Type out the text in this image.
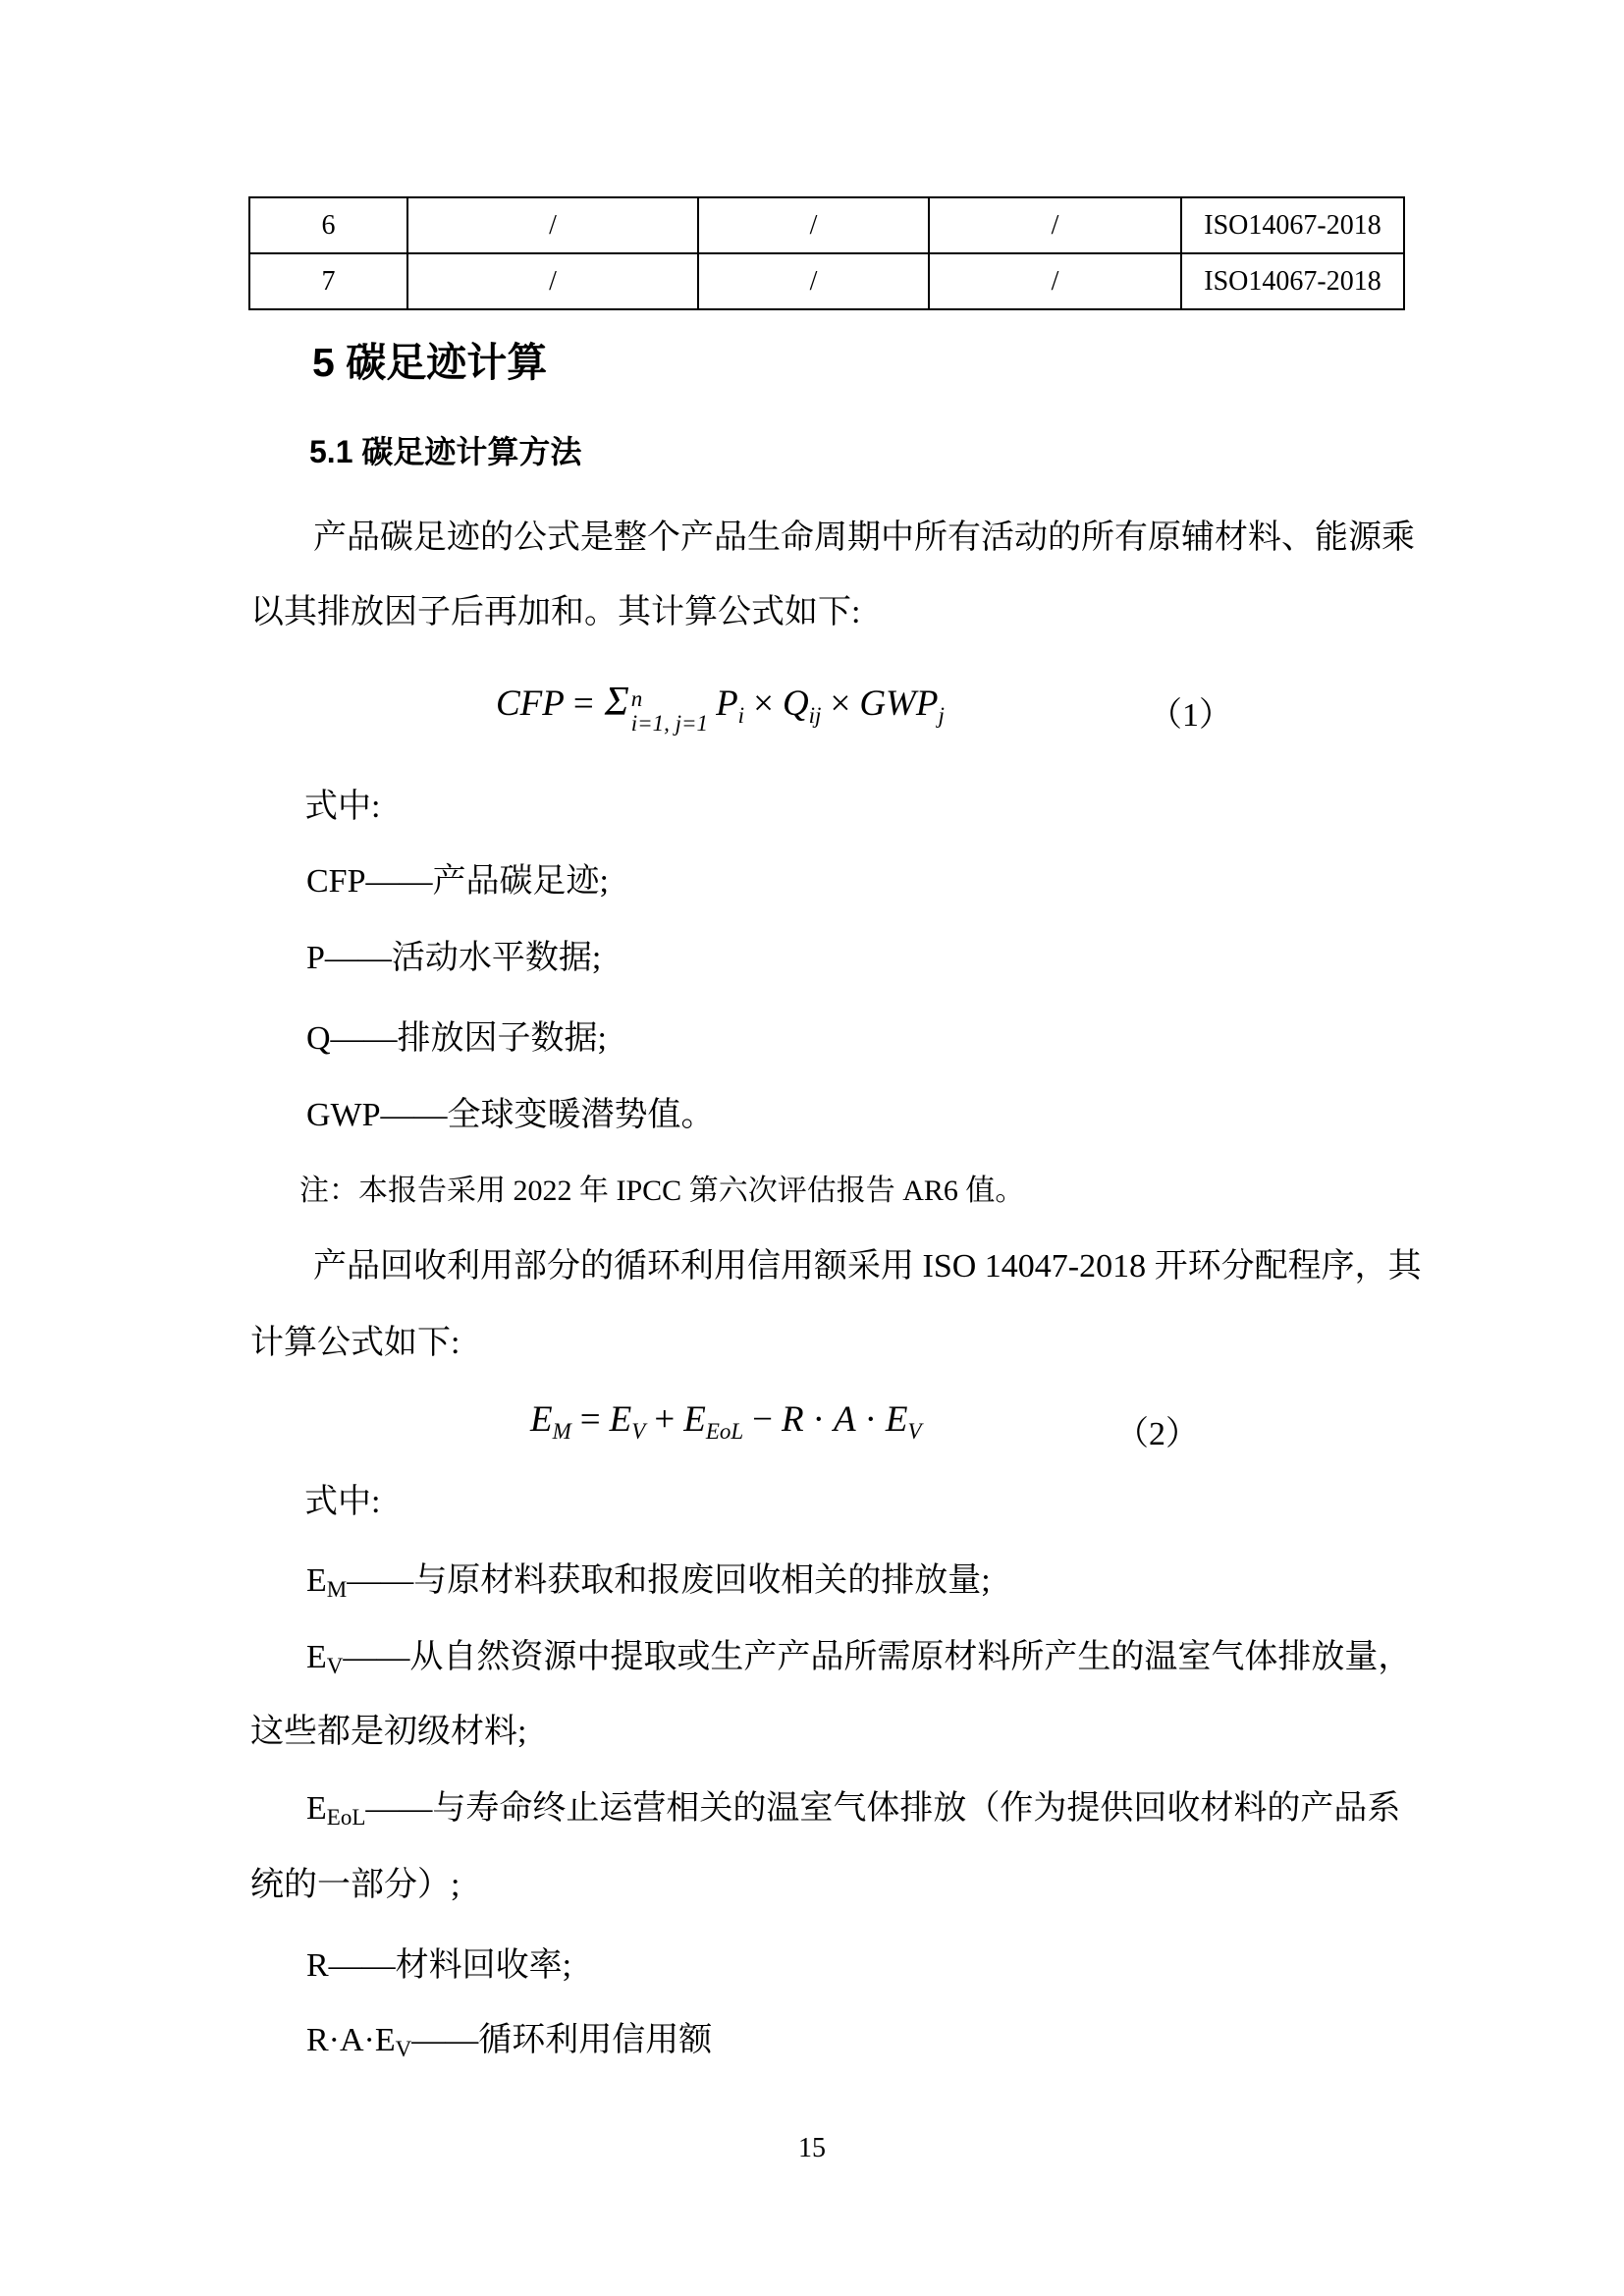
6	/	/	/	ISO14067-2018
7	/	/	/	ISO14067-2018
5 碳足迹计算
5.1 碳足迹计算方法
产品碳足迹的公式是整个产品生命周期中所有活动的所有原辅材料、能源乘
以其排放因子后再加和。其计算公式如下:
CFP = Σ n
i=1, j=1 $P_i \times Q_{ij} \times GWP_j$	（1）
式中:
CFP——产品碳足迹;
P——活动水平数据;
Q——排放因子数据;
GWP——全球变暖潜势值。
注：本报告采用 2022 年 IPCC 第六次评估报告 AR6 值。
产品回收利用部分的循环利用信用额采用 ISO 14047-2018 开环分配程序，其
计算公式如下:
$E_M = E_V + E_{EoL} - R \cdot A \cdot E_V$	（2）
式中:
$E_M——$与原材料获取和报废回收相关的排放量;
$E_V——$从自然资源中提取或生产产品所需原材料所产生的温室气体排放量，
这些都是初级材料;
$E_{EoL}——$与寿命终止运营相关的温室气体排放（作为提供回收材料的产品系
统的一部分）;
R——材料回收率;
$R\cdot A\cdot E_V——$循环利用信用额
15
